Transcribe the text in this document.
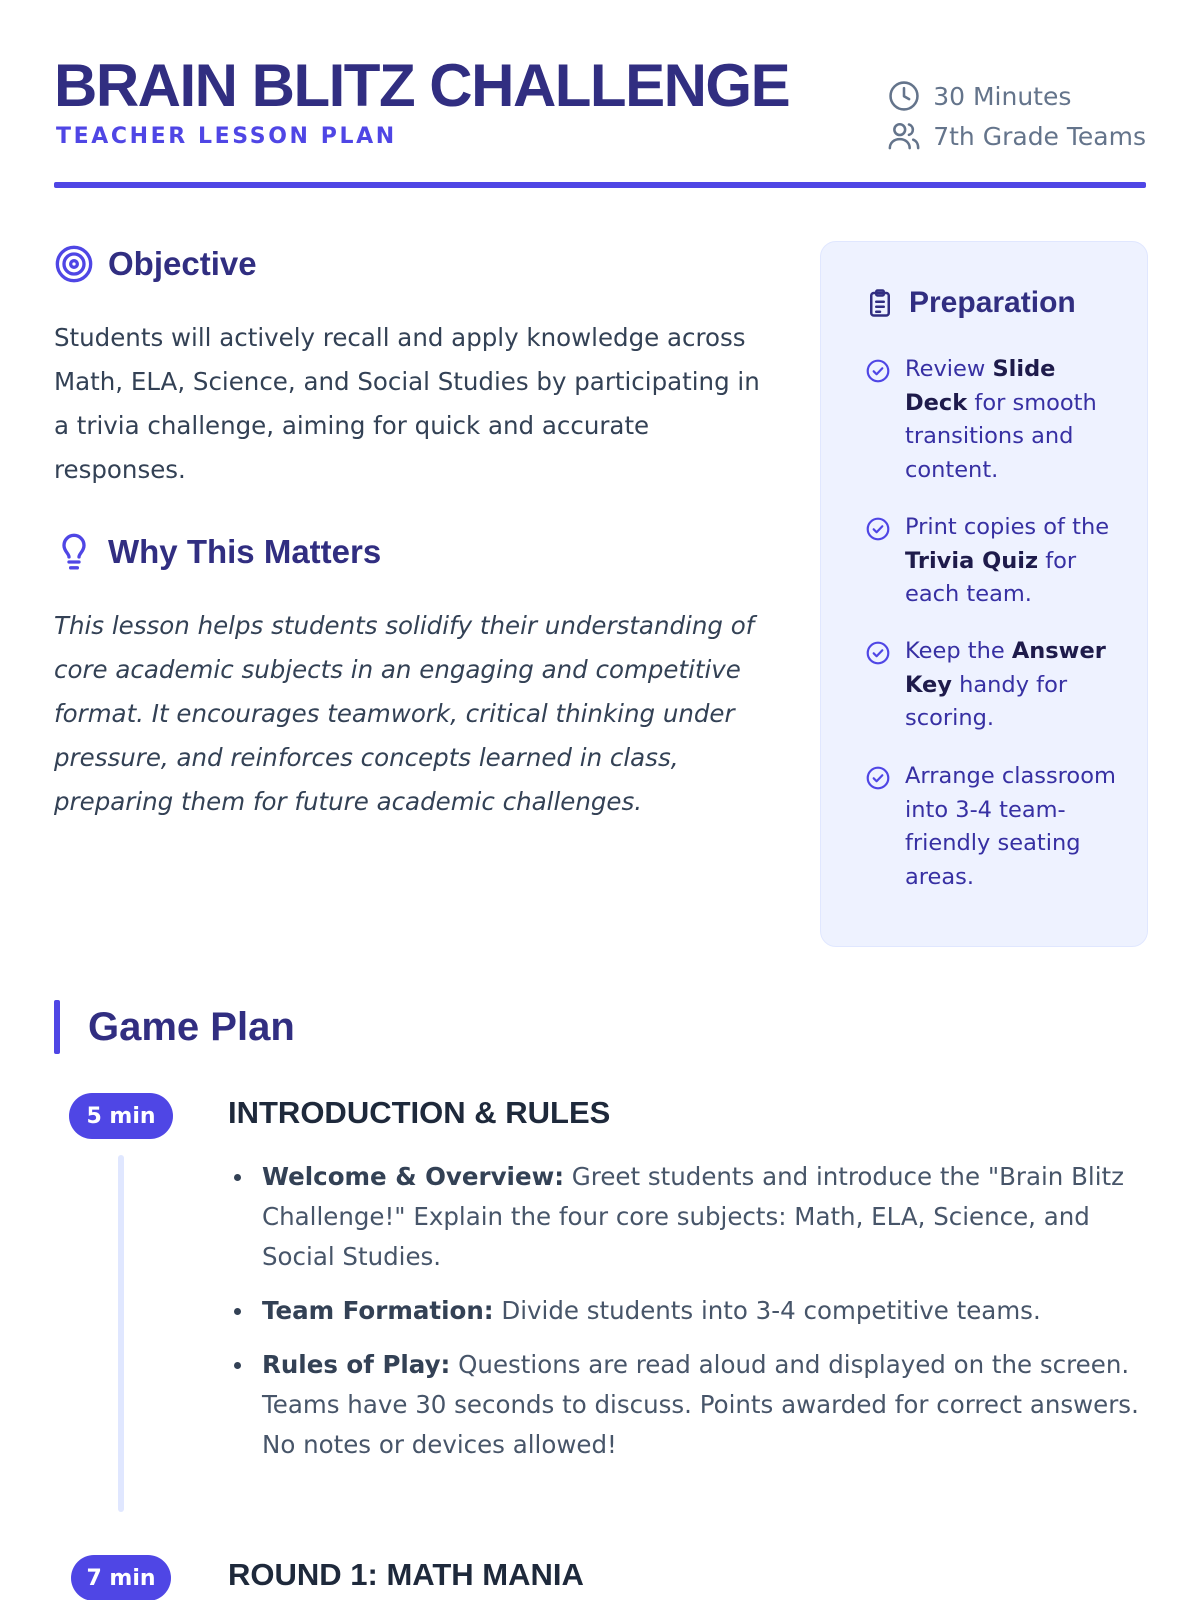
BRAIN BLITZ CHALLENGE
TEACHER LESSON PLAN
30 Minutes
7th Grade Teams
Objective

Students will actively recall and apply knowledge across Math, ELA, Science, and Social Studies by participating in a trivia challenge, aiming for quick and accurate responses.

Why This Matters

This lesson helps students solidify their understanding of core academic subjects in an engaging and competitive format. It encourages teamwork, critical thinking under pressure, and reinforces concepts learned in class, preparing them for future academic challenges.

Preparation

Review Slide Deck for smooth transitions and content.

Print copies of the Trivia Quiz for each team.

Keep the Answer Key handy for scoring.

Arrange classroom into 3-4 team-friendly seating areas.

Game Plan
5 min	INTRODUCTION & RULES
Welcome & Overview: Greet students and introduce the "Brain Blitz Challenge!" Explain the four core subjects: Math, ELA, Science, and Social Studies.
Team Formation: Divide students into 3-4 competitive teams.
Rules of Play: Questions are read aloud and displayed on the screen. Teams have 30 seconds to discuss. Points awarded for correct answers. No notes or devices allowed!
7 min	ROUND 1: MATH MANIA
